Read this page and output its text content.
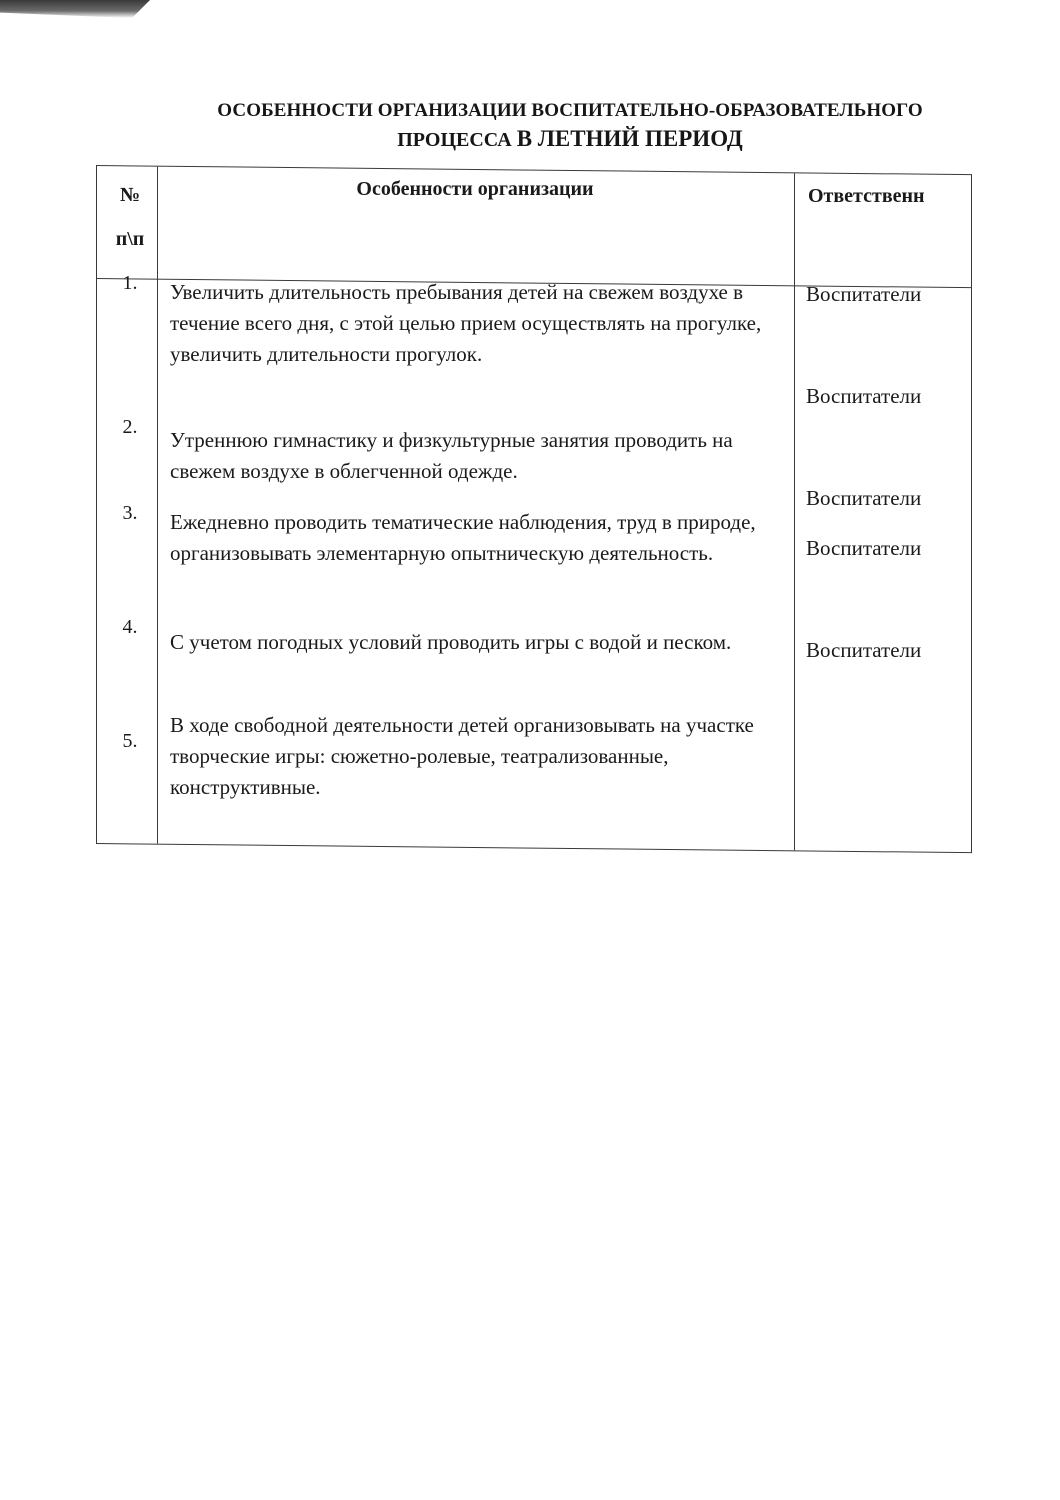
ОСОБЕННОСТИ ОРГАНИЗАЦИИ ВОСПИТАТЕЛЬНО-ОБРАЗОВАТЕЛЬНОГО
ПРОЦЕССА В ЛЕТНИЙ ПЕРИОД
№
п\п
Особенности организации	Ответственн
1.
2.
3.
4.
5.
Увеличить длительность пребывания детей на свежем воздухе в течение всего дня, с этой целью прием осуществлять на прогулке, увеличить длительности прогулок.
Утреннюю гимнастику и физкультурные занятия проводить на свежем воздухе в облегченной одежде.
Ежедневно проводить тематические наблюдения, труд в природе, организовывать элементарную опытническую деятельность.
С учетом погодных условий проводить игры с водой и песком.
В ходе свободной деятельности детей организовывать на участке творческие игры: сюжетно-ролевые, театрализованные, конструктивные.
Воспитатели
Воспитатели
Воспитатели
Воспитатели
Воспитатели
